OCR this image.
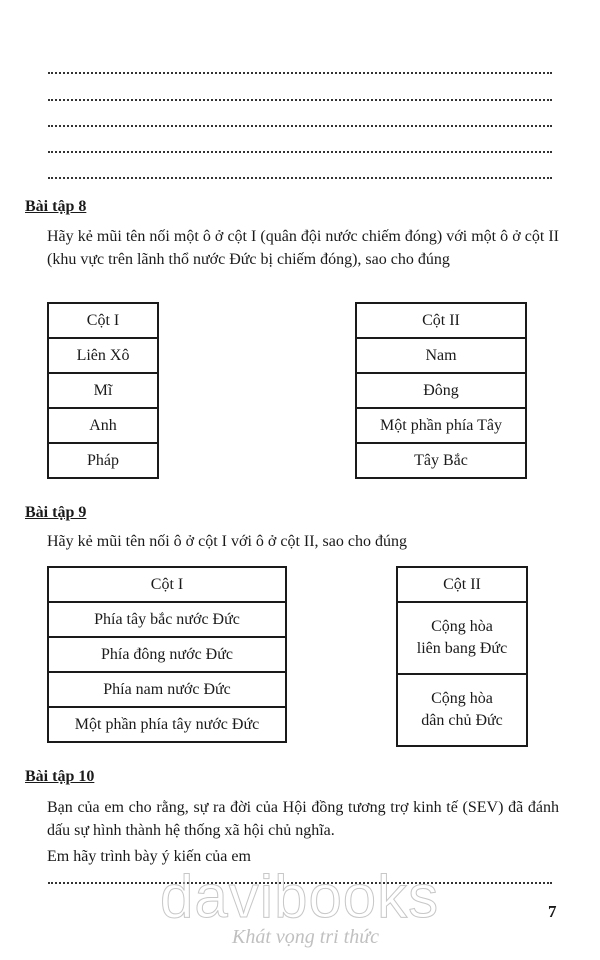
Bài tập 8
Hãy kẻ mũi tên nối một ô ở cột I (quân đội nước chiếm đóng) với một ô ở cột II (khu vực trên lãnh thổ nước Đức bị chiếm đóng), sao cho đúng
Cột I
Liên Xô
Mĩ
Anh
Pháp
Cột II
Nam
Đông
Một phần phía Tây
Tây Bắc
Bài tập 9
Hãy kẻ mũi tên nối ô ở cột I với ô ở cột II, sao cho đúng
Cột I
Phía tây bắc nước Đức
Phía đông nước Đức
Phía nam nước Đức
Một phần phía tây nước Đức
Cột II
Cộng hòa
liên bang Đức
Cộng hòa
dân chủ Đức
Bài tập 10
Bạn của em cho rằng, sự ra đời của Hội đồng tương trợ kinh tế (SEV) đã đánh dấu sự hình thành hệ thống xã hội chủ nghĩa.
Em hãy trình bày ý kiến của em
davibooks
Khát vọng tri thức
7
